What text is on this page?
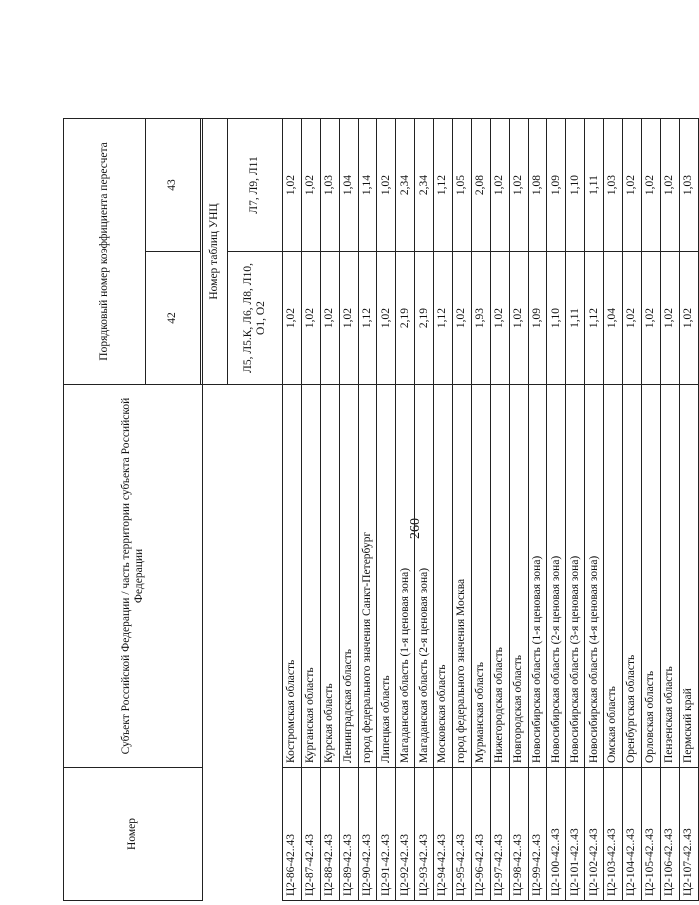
260
Номер	Субъект Российской Федерации / часть территории субъекта Российской Федерации	Порядковый номер коэффициента пересчета	
		42	43

		Номер таблиц УНЦ	
		Л5, Л5.К, Л6, Л8, Л10, О1, О2	Л7, Л9, Л11
Ц2-86-42..43	Костромская область	1,02	1,02
Ц2-87-42..43	Курганская область	1,02	1,02
Ц2-88-42..43	Курская область	1,02	1,03
Ц2-89-42..43	Ленинградская область	1,02	1,04
Ц2-90-42..43	город федерального значения Санкт-Петербург	1,12	1,14
Ц2-91-42..43	Липецкая область	1,02	1,02
Ц2-92-42..43	Магаданская область (1-я ценовая зона)	2,19	2,34
Ц2-93-42..43	Магаданская область (2-я ценовая зона)	2,19	2,34
Ц2-94-42..43	Московская область	1,12	1,12
Ц2-95-42..43	город федерального значения Москва	1,02	1,05
Ц2-96-42..43	Мурманская область	1,93	2,08
Ц2-97-42..43	Нижегородская область	1,02	1,02
Ц2-98-42..43	Новгородская область	1,02	1,02
Ц2-99-42..43	Новосибирская область (1-я ценовая зона)	1,09	1,08
Ц2-100-42..43	Новосибирская область (2-я ценовая зона)	1,10	1,09
Ц2-101-42..43	Новосибирская область (3-я ценовая зона)	1,11	1,10
Ц2-102-42..43	Новосибирская область (4-я ценовая зона)	1,12	1,11
Ц2-103-42..43	Омская область	1,04	1,03
Ц2-104-42..43	Оренбургская область	1,02	1,02
Ц2-105-42..43	Орловская область	1,02	1,02
Ц2-106-42..43	Пензенская область	1,02	1,02
Ц2-107-42..43	Пермский край	1,02	1,03
